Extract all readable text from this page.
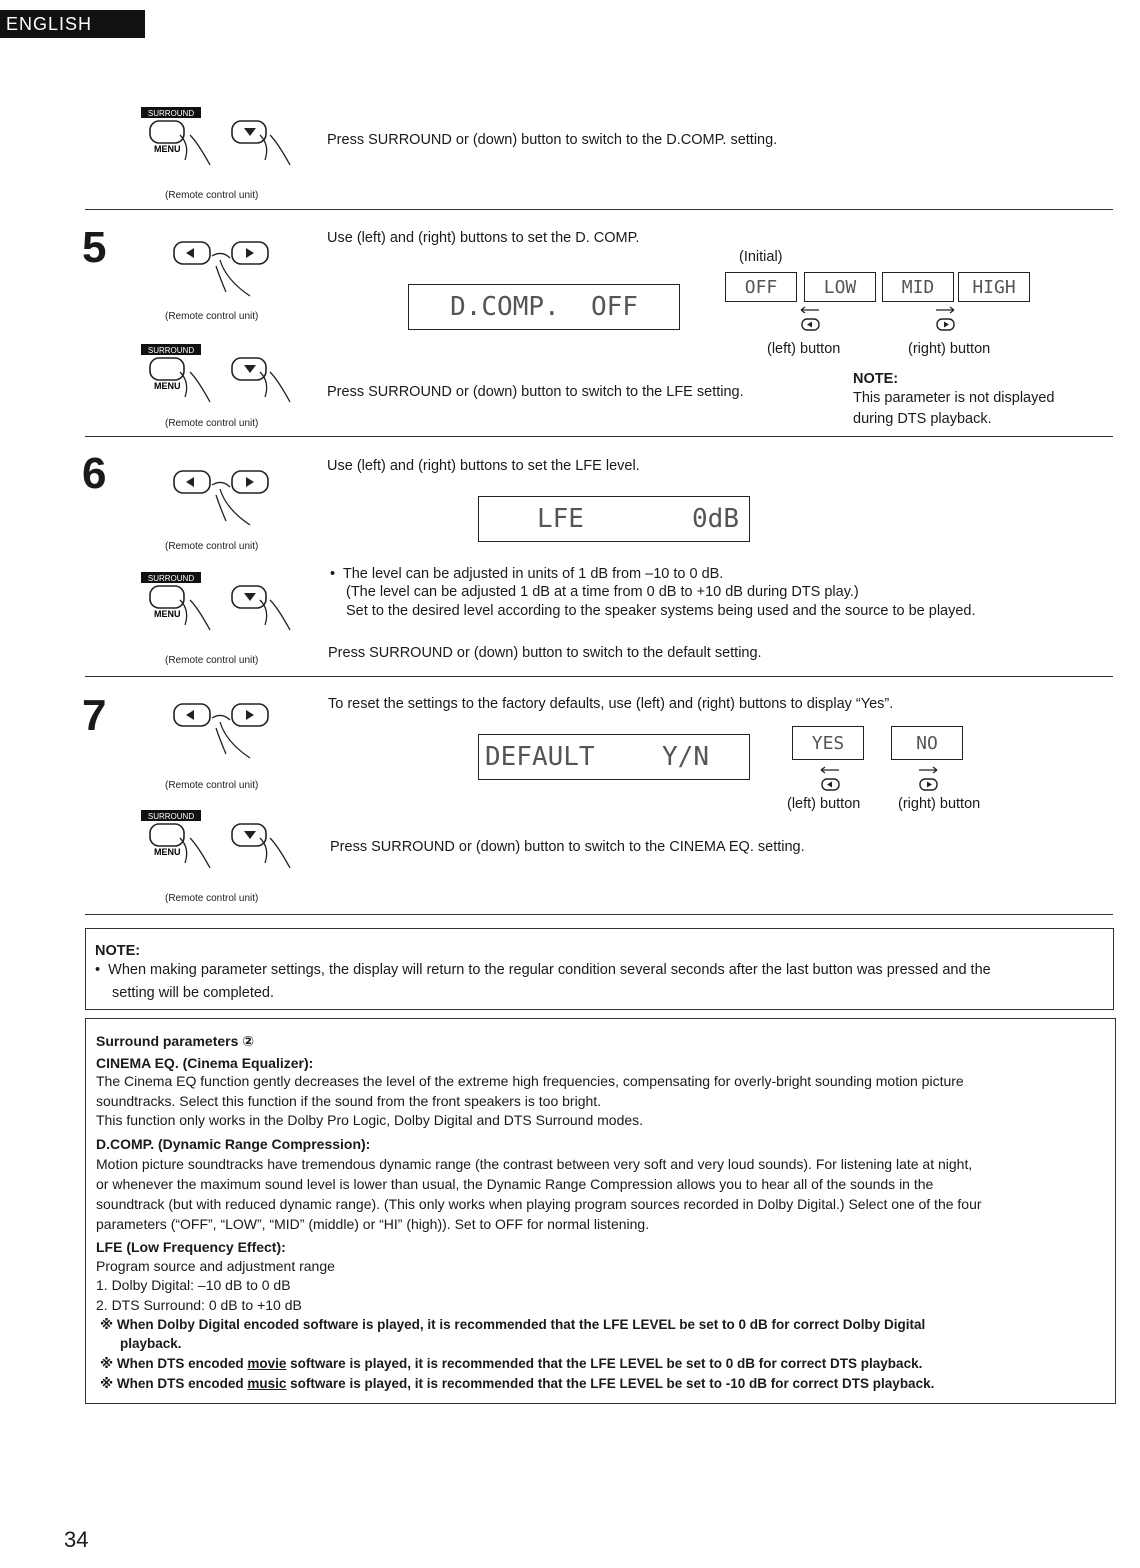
ENGLISH
SURROUND
MENU
(Remote control unit)
Press SURROUND or (down) button to switch to the D.COMP. setting.
5
(Remote control unit)
Use (left) and (right) buttons to set the D. COMP.
(Initial)
D.COMP.  OFF
OFF	LOW	MID	HIGH
(left) button	(right) button
SURROUND
MENU
(Remote control unit)
Press SURROUND or (down) button to switch to the LFE setting.
NOTE:
This parameter is not displayed
during DTS playback.
6
(Remote control unit)
Use (left) and (right) buttons to set the LFE level.
LFE	0dB
SURROUND
MENU
(Remote control unit)
•  The level can be adjusted in units of 1 dB from –10 to 0 dB.
(The level can be adjusted 1 dB at a time from 0 dB to +10 dB during DTS play.)
Set to the desired level according to the speaker systems being used and the source to be played.
Press SURROUND or (down) button to switch to the default setting.
7
(Remote control unit)
To reset the settings to the factory defaults, use (left) and (right) buttons to display “Yes”.
DEFAULT	Y/N	YES	NO
(left) button	(right) button
SURROUND
MENU
(Remote control unit)
Press SURROUND or (down) button to switch to the CINEMA EQ. setting.
NOTE:
•  When making parameter settings, the display will return to the regular condition several seconds after the last button was pressed and the
setting will be completed.
Surround parameters ②
CINEMA EQ. (Cinema Equalizer):
The Cinema EQ function gently decreases the level of the extreme high frequencies, compensating for overly-bright sounding motion picture
soundtracks. Select this function if the sound from the front speakers is too bright.
This function only works in the Dolby Pro Logic, Dolby Digital and DTS Surround modes.
D.COMP. (Dynamic Range Compression):
Motion picture soundtracks have tremendous dynamic range (the contrast between very soft and very loud sounds). For listening late at night,
or whenever the maximum sound level is lower than usual, the Dynamic Range Compression allows you to hear all of the sounds in the
soundtrack (but with reduced dynamic range). (This only works when playing program sources recorded in Dolby Digital.) Select one of the four
parameters (“OFF”, “LOW”, “MID” (middle) or “HI” (high)). Set to OFF for normal listening.
LFE (Low Frequency Effect):
Program source and adjustment range
1. Dolby Digital: –10 dB to 0 dB
2. DTS Surround: 0 dB to +10 dB
※ When Dolby Digital encoded software is played, it is recommended that the LFE LEVEL be set to 0 dB for correct Dolby Digital
playback.
※ When DTS encoded movie software is played, it is recommended that the LFE LEVEL be set to 0 dB for correct DTS playback.
※ When DTS encoded music software is played, it is recommended that the LFE LEVEL be set to -10 dB for correct DTS playback.
34
